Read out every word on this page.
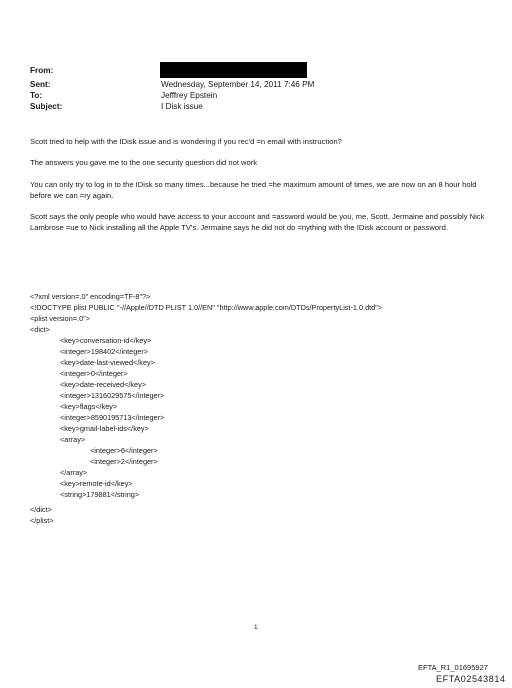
From:
Sent:	Wednesday, September 14, 2011 7:46 PM
To:	Jefffrey Epstein
Subject:	I Disk issue
Scott tried to help with the IDisk issue and is wondering if you rec'd =n email with instruction?
The answers you gave me to the one security question did not work
You can only try to log in to the IDisk so many times...because he tried =he maximum amount of times, we are now on an 8 hour hold before we can =ry again.
Scott says the only people who would have access to your account and =assword would be you, me, Scott, Jermaine and possibly Nick Lambrose =ue to Nick installing all the Apple TV's. Jermaine says he did not do =nything with the IDisk account or password.
<?xml version=.0" encoding=TF-8"?>
<!DOCTYPE plist PUBLIC "-//Apple//DTD PLIST 1.0//EN" "http://www.apple.com/DTDs/PropertyList-1.0.dtd">
<plist version=.0">
<dict>
<key>conversation-id</key>
<integer>198402</integer>
<key>date-last-viewed</key>
<integer>0</integer>
<key>date-received</key>
<integer>1316029575</integer>
<key>flags</key>
<integer>8590195713</integer>
<key>gmail-label-ids</key>
<array>
<integer>6</integer>
<integer>2</integer>
</array>
<key>remote-id</key>
<string>179881</string>
</dict>
</plist>
1
EFTA_R1_01695927
EFTA02543814
